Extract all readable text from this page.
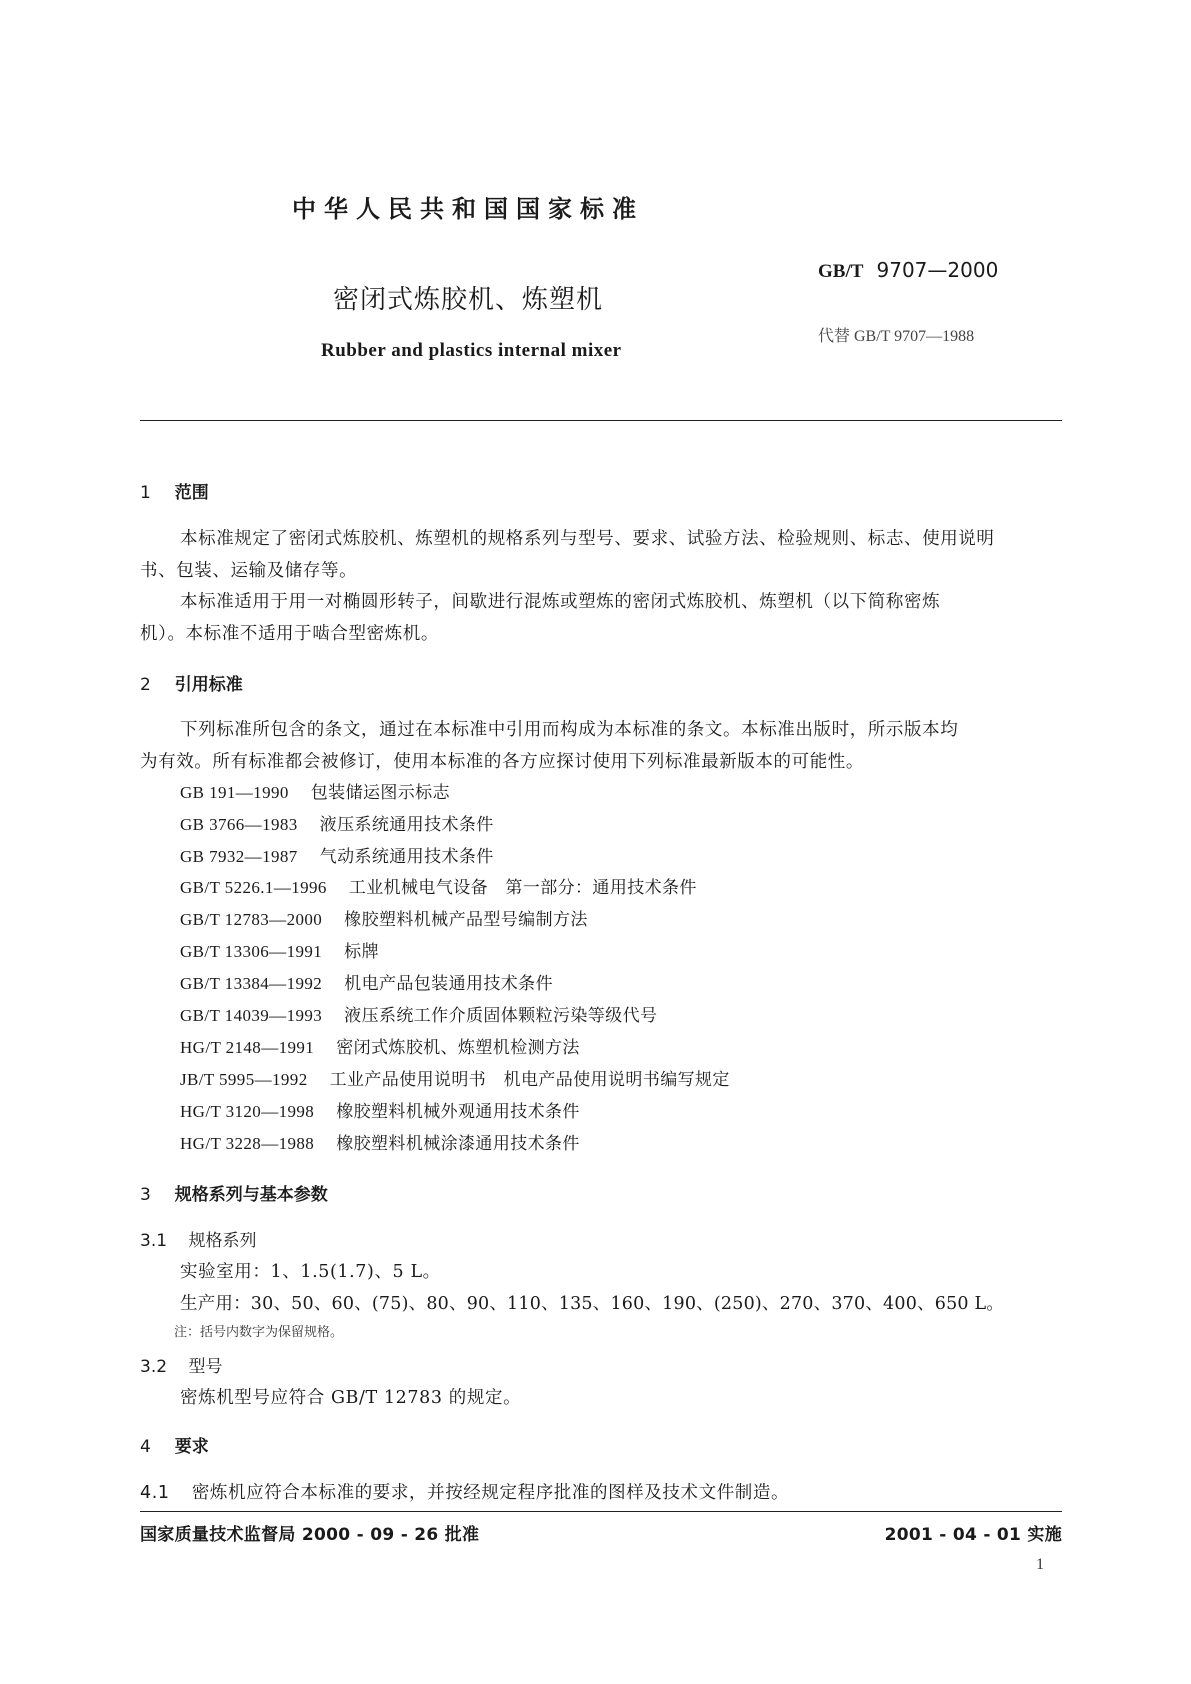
中华人民共和国国家标准
密闭式炼胶机、炼塑机
Rubber and plastics internal mixer
GB/T 9707—2000
代替 GB/T 9707—1988
1 范围
本标准规定了密闭式炼胶机、炼塑机的规格系列与型号、要求、试验方法、检验规则、标志、使用说明
书、包装、运输及储存等。
本标准适用于用一对椭圆形转子，间歇进行混炼或塑炼的密闭式炼胶机、炼塑机（以下简称密炼
机）。本标准不适用于啮合型密炼机。
2 引用标准
下列标准所包含的条文，通过在本标准中引用而构成为本标准的条文。本标准出版时，所示版本均
为有效。所有标准都会被修订，使用本标准的各方应探讨使用下列标准最新版本的可能性。
GB 191—1990 包装储运图示标志
GB 3766—1983 液压系统通用技术条件
GB 7932—1987 气动系统通用技术条件
GB/T 5226.1—1996 工业机械电气设备　第一部分：通用技术条件
GB/T 12783—2000 橡胶塑料机械产品型号编制方法
GB/T 13306—1991 标牌
GB/T 13384—1992 机电产品包装通用技术条件
GB/T 14039—1993 液压系统工作介质固体颗粒污染等级代号
HG/T 2148—1991 密闭式炼胶机、炼塑机检测方法
JB/T 5995—1992 工业产品使用说明书　机电产品使用说明书编写规定
HG/T 3120—1998 橡胶塑料机械外观通用技术条件
HG/T 3228—1988 橡胶塑料机械涂漆通用技术条件
3 规格系列与基本参数
3.1 规格系列
实验室用：1、1.5(1.7)、5 L。
生产用：30、50、60、(75)、80、90、110、135、160、190、(250)、270、370、400、650 L。
注：括号内数字为保留规格。
3.2 型号
密炼机型号应符合 GB/T 12783 的规定。
4 要求
4.1 密炼机应符合本标准的要求，并按经规定程序批准的图样及技术文件制造。
国家质量技术监督局 2000 - 09 - 26 批准	2001 - 04 - 01 实施
1
